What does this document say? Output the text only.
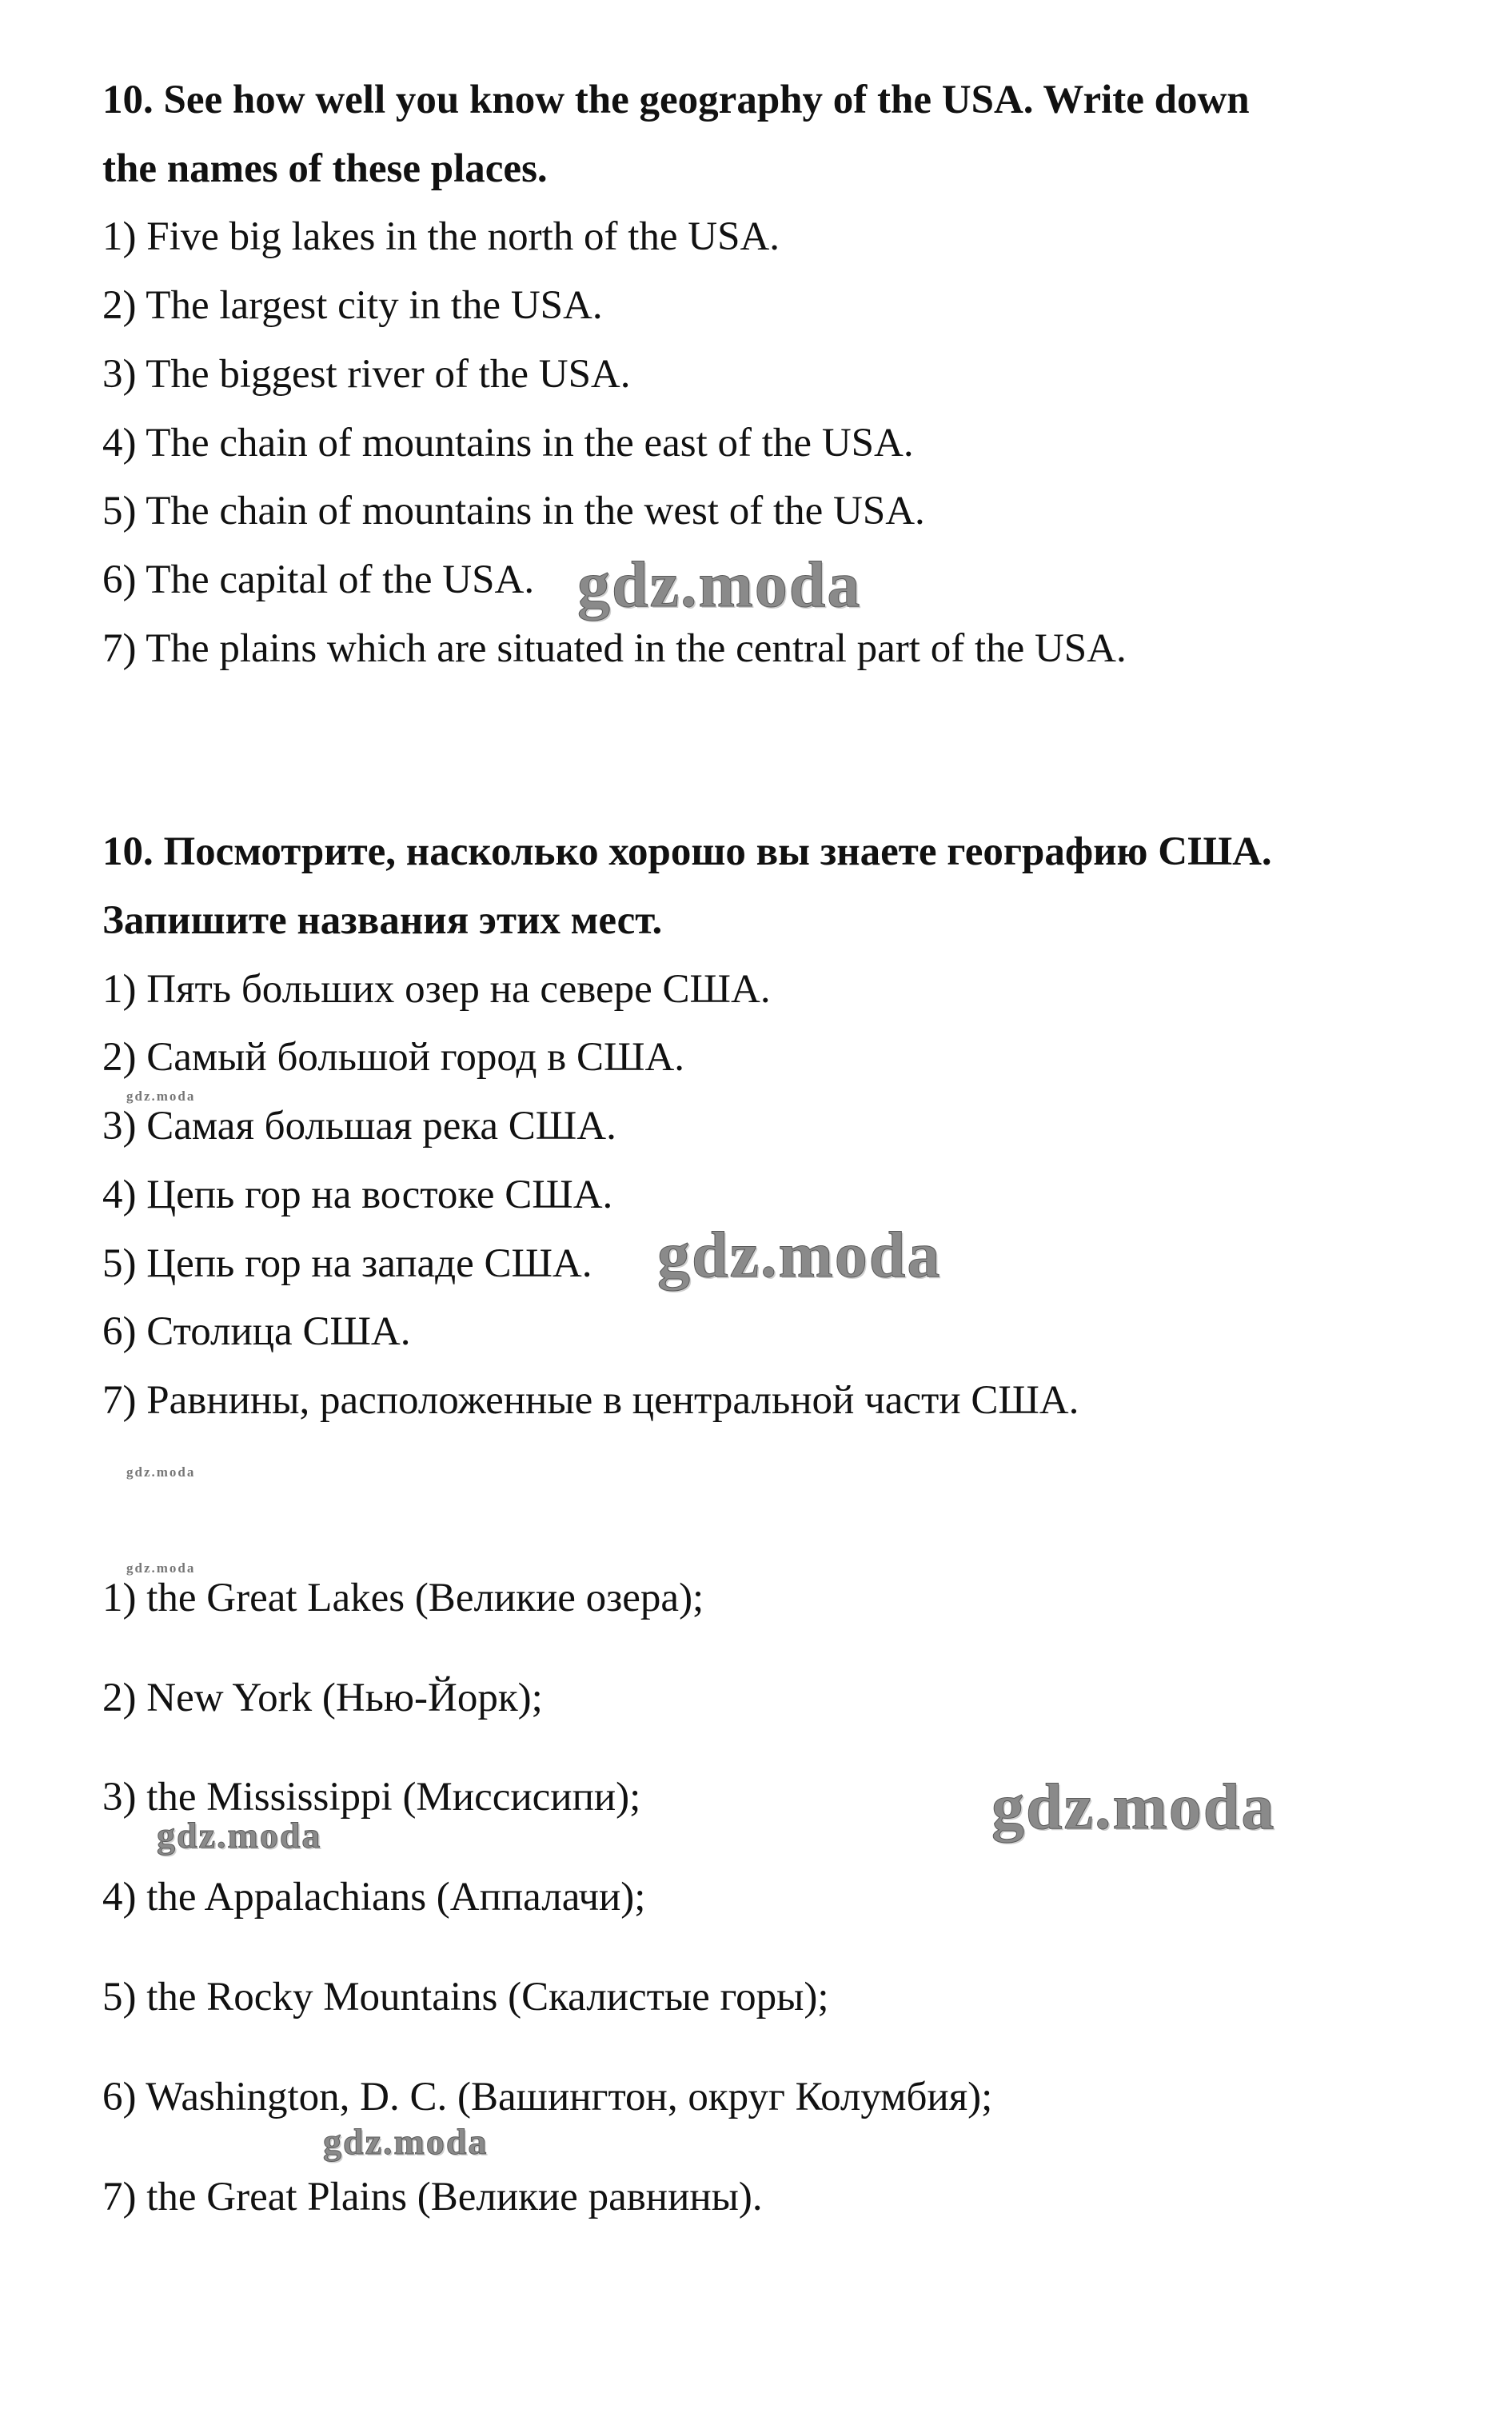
10. See how well you know the geography of the USA. Write down
the names of these places.
1) Five big lakes in the north of the USA.
2) The largest city in the USA.
3) The biggest river of the USA.
4) The chain of mountains in the east of the USA.
5) The chain of mountains in the west of the USA.
6) The capital of the USA.
7) The plains which are situated in the central part of the USA.
10. Посмотрите, насколько хорошо вы знаете географию США.
Запишите названия этих мест.
1) Пять больших озер на севере США.
2) Самый большой город в США.
3) Самая большая река США.
4) Цепь гор на востоке США.
5) Цепь гор на западе США.
6) Столица США.
7) Равнины, расположенные в центральной части США.
1) the Great Lakes (Великие озера);
2) New York (Нью-Йорк);
3) the Mississippi (Миссисипи);
4) the Appalachians (Аппалачи);
5) the Rocky Mountains (Скалистые горы);
6) Washington, D. C. (Вашингтон, округ Колумбия);
7) the Great Plains (Великие равнины).
gdz.moda
gdz.moda
gdz.moda
gdz.moda
gdz.moda
gdz.moda
gdz.moda
gdz.moda
